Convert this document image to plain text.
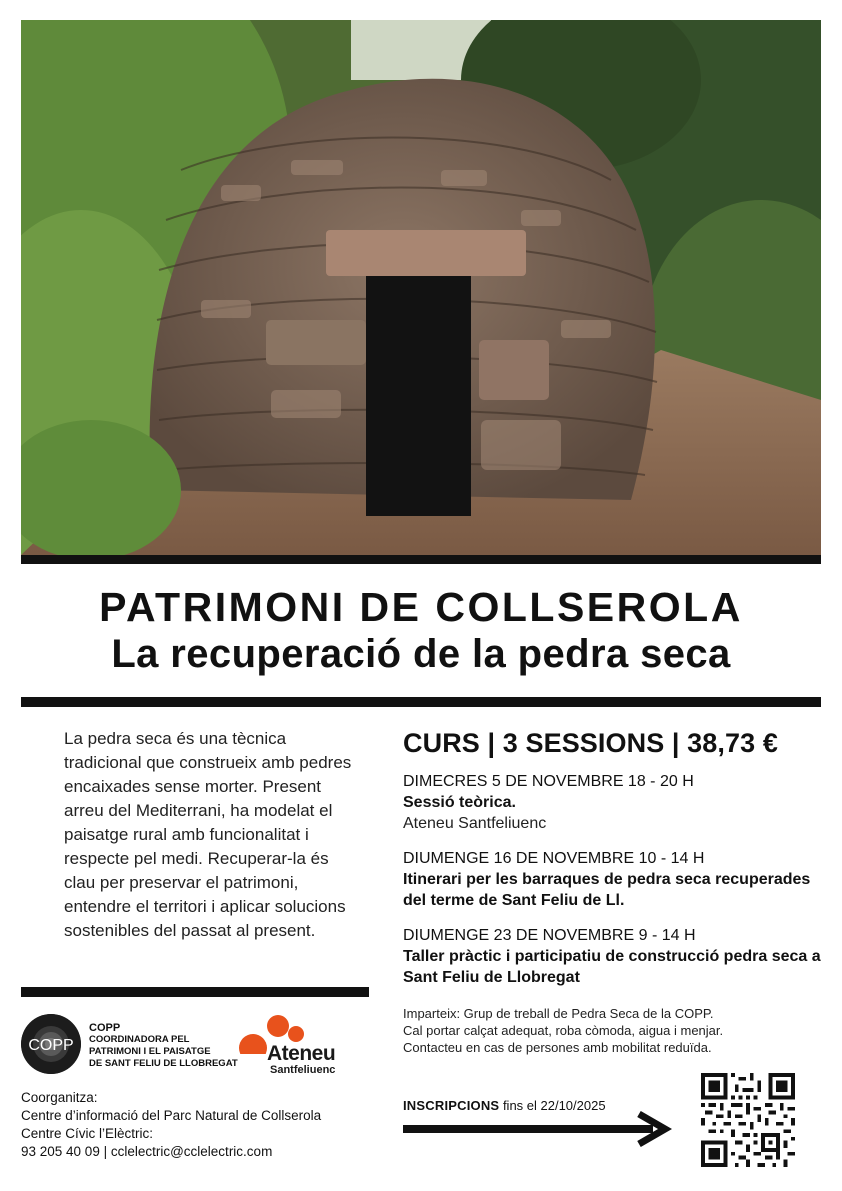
PATRIMONI DE COLLSEROLA
La recuperació de la pedra seca
La pedra seca és una tècnica tradicional que construeix amb pedres encaixades sense morter. Present arreu del Mediterrani, ha modelat el paisatge rural amb funcionalitat i respecte pel medi. Recuperar-la és clau per preservar el patrimoni, entendre el territori i aplicar solucions sostenibles del passat al present.
CURS | 3 SESSIONS | 38,73 €
DIMECRES 5 DE NOVEMBRE 18 - 20 H
Sessió teòrica.
Ateneu Santfeliuenc
DIUMENGE 16 DE NOVEMBRE 10 - 14 H
Itinerari per les barraques de pedra seca recuperades del terme de Sant Feliu de Ll.
DIUMENGE 23 DE NOVEMBRE 9 - 14 H
Taller pràctic i participatiu de construcció pedra seca a Sant Feliu de Llobregat
Imparteix: Grup de treball de Pedra Seca de la COPP.
Cal portar calçat adequat, roba còmoda, aigua i menjar.
Contacteu en cas de persones amb mobilitat reduïda.
INSCRIPCIONS fins el 22/10/2025
COPP
COPP
COORDINADORA PEL
PATRIMONI I EL PAISATGE
DE SANT FELIU DE LLOBREGAT Ateneu
Santfeliuenc
Coorganitza:
Centre d’informació del Parc Natural de Collserola
Centre Cívic l’Elèctric:
93 205 40 09 | cclelectric@cclelectric.com
